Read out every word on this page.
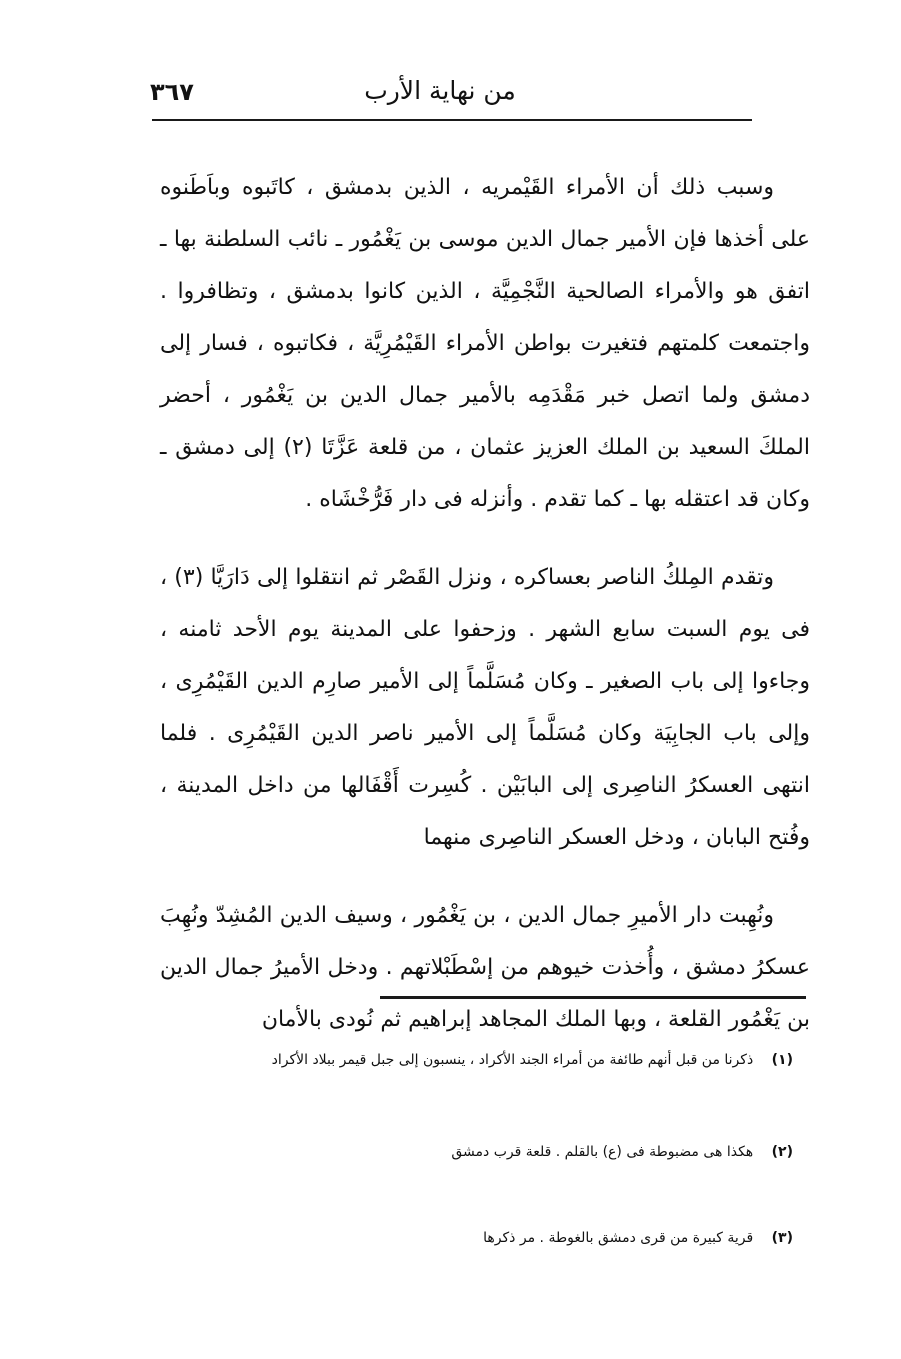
٣٦٧	من نهاية الأرب

وسبب ذلك أن الأمراء القَيْمريه ، الذين بدمشق ، كاتَبوه وباَطَنوه على أخذها فإن الأمير جمال الدين موسى بن يَغْمُور ـ نائب السلطنة بها ـ اتفق هو والأمراء الصالحية النَّجْمِيَّة ، الذين كانوا بدمشق ، وتظافروا . واجتمعت كلمتهم فتغيرت بواطن الأمراء القَيْمُرِيَّة ، فكاتبوه ، فسار إلى دمشق ولما اتصل خبر مَقْدَمِه بالأمير جمال الدين بن يَغْمُور ، أحضر الملكَ السعيد بن الملك العزيز عثمان ، من قلعة عَزَّتَا (٢) إلى دمشق ـ وكان قد اعتقله بها ـ كما تقدم . وأنزله فى دار فَرُّخْشَاه .

وتقدم المِلكُ الناصر بعساكره ، ونزل القَصْر ثم انتقلوا إلى دَارَيَّا (٣) ، فى يوم السبت سابع الشهر . وزحفوا على المدينة يوم الأحد ثامنه ، وجاءوا إلى باب الصغير ـ وكان مُسَلَّماً إلى الأمير صارِم الدين القَيْمُرِى ، وإلى باب الجابِيَة وكان مُسَلَّماً إلى الأمير ناصر الدين القَيْمُرِى . فلما انتهى العسكرُ الناصِرى إلى البابَيْن . كُسِرت أَقْفَالها من داخل المدينة ، وفُتح البابان ، ودخل العسكر الناصِرى منهما

ونُهِبت دار الأميرِ جمال الدين ، بن يَغْمُور ، وسيف الدين المُشِدّ ونُهِبَ عسكرُ دمشق ، وأُخذت خيوهم من إسْطَبْلاتهم . ودخل الأميرُ جمال الدين بن يَغْمُور القلعة ، وبها الملك المجاهد إبراهيم ثم نُودى بالأمان

(١) ذكرنا من قبل أنهم طائفة من أمراء الجند الأكراد ، ينسبون إلى جبل قيمر ببلاد الأكراد
(٢) هكذا هى مضبوطة فى (ع) بالقلم . قلعة قرب دمشق
(٣) قرية كبيرة من قرى دمشق بالغوطة . مر ذكرها
